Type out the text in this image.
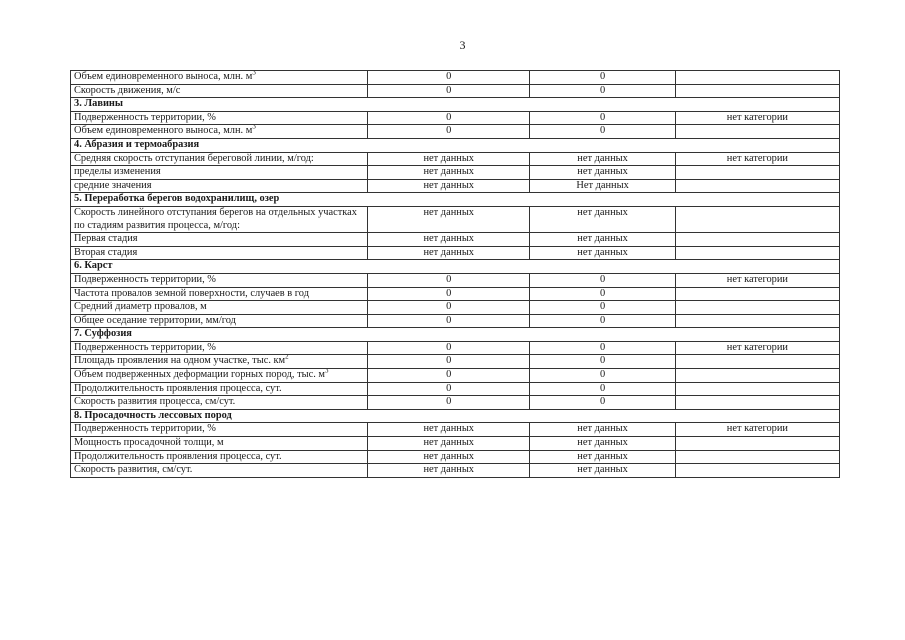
3
Объем единовременного выноса, млн. $м^3$	0	0	
Скорость движения, м/с	0	0	
3. Лавины			
Подверженность территории, %	0	0	нет категории
Объем единовременного выноса, млн. $м^3$	0	0	
4. Абразия и термоабразия			
Средняя скорость отступания береговой линии, м/год:	нет данных	нет данных	нет категории
пределы изменения	нет данных	нет данных	
средние значения	нет данных	Нет данных	
5. Переработка берегов водохранилищ, озер			
Скорость линейного отступания берегов на отдельных участках по стадиям развития процесса, м/год:	нет данных	нет данных	
Первая стадия	нет данных	нет данных	
Вторая стадия	нет данных	нет данных	
6. Карст			
Подверженность территории, %	0	0	нет категории
Частота провалов земной поверхности, случаев в год	0	0	
Средний диаметр провалов, м	0	0	
Общее оседание территории, мм/год	0	0	
7. Суффозия			
Подверженность территории, %	0	0	нет категории
Площадь проявления на одном участке, тыс. $км^2$	0	0	
Объем подверженных деформации горных пород, тыс. $м^3$	0	0	
Продолжительность проявления процесса, сут.	0	0	
Скорость развития процесса, см/сут.	0	0	
8. Просадочность лессовых пород			
Подверженность территории, %	нет данных	нет данных	нет категории
Мощность просадочной толщи, м	нет данных	нет данных	
Продолжительность проявления процесса, сут.	нет данных	нет данных	
Скорость развития, см/сут.	нет данных	нет данных	
